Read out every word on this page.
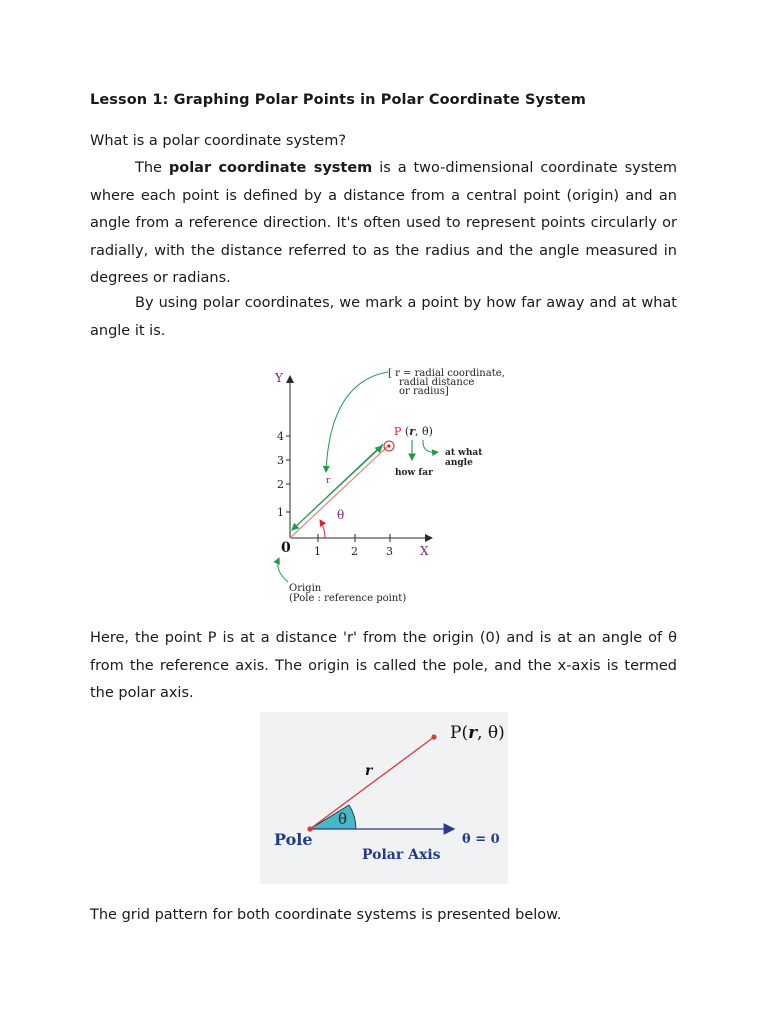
Lesson 1: Graphing Polar Points in Polar Coordinate System
What is a polar coordinate system?
The polar coordinate system is a two-dimensional coordinate system where each point is defined by a distance from a central point (origin) and an angle from a reference direction. It's often used to represent points circularly or radially, with the distance referred to as the radius and the angle measured in degrees or radians.
By using polar coordinates, we mark a point by how far away and at what angle it is.
Y
X
4
3
2
1
1	2	3
0
θ
r
P (r, θ)
how far
at what
angle
[ r = radial coordinate,
radial distance
or radius]
Origin
(Pole : reference point)
Here, the point P is at a distance 'r' from the origin (0) and is at an angle of θ from the reference axis. The origin is called the pole, and the x-axis is termed the polar axis.
θ
r
P(r, θ)
Pole
Polar Axis
θ = 0
The grid pattern for both coordinate systems is presented below.
